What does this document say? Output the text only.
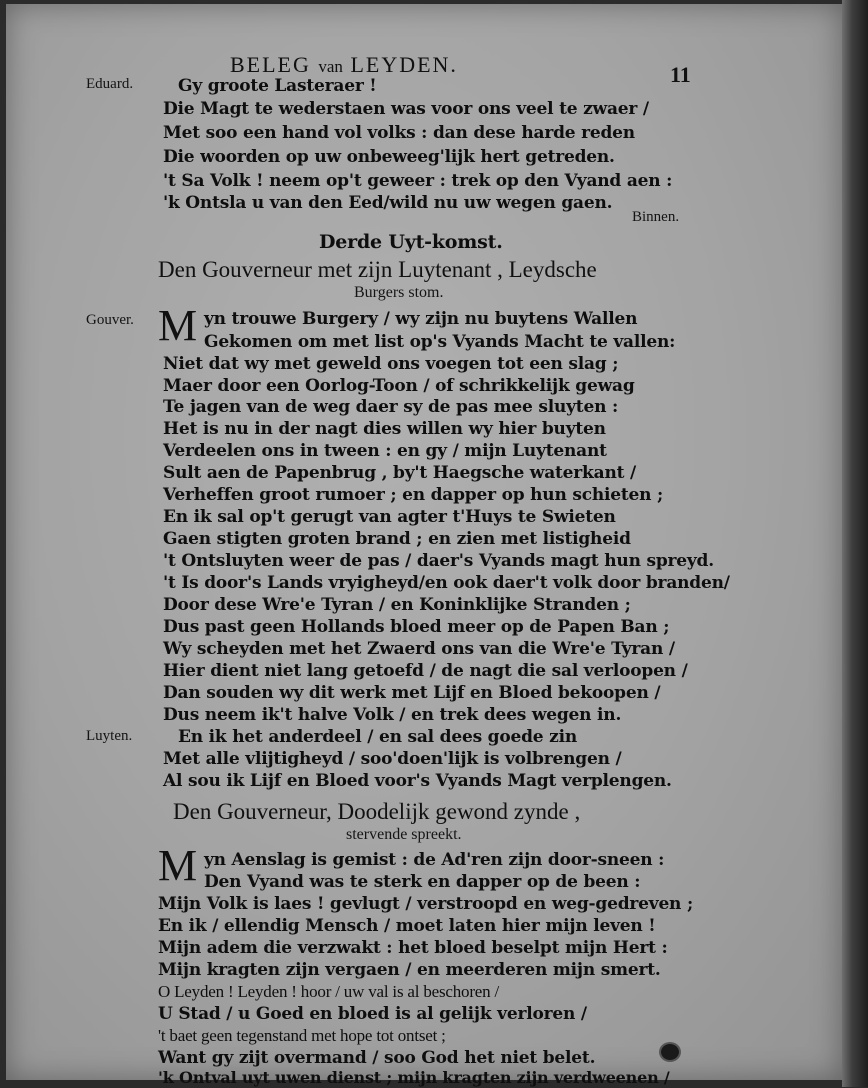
BELEG van LEYDEN.	11
Eduard.	Gy groote Lasteraer !
Die Magt te wederstaen was voor ons veel te zwaer /
Met soo een hand vol volks : dan dese harde reden
Die woorden op uw onbeweeg'lijk hert getreden.
't Sa Volk ! neem op't geweer : trek op den Vyand aen :
'k Ontsla u van den Eed/wild nu uw wegen gaen.
Binnen.
Derde Uyt-komst.
Den Gouverneur met zijn Luytenant , Leydsche
Burgers stom.
Gouver. M yn trouwe Burgery / wy zijn nu buytens Wallen
Gekomen om met list op's Vyands Macht te vallen:
Niet dat wy met geweld ons voegen tot een slag ;
Maer door een Oorlog-Toon / of schrikkelijk gewag
Te jagen van de weg daer sy de pas mee sluyten :
Het is nu in der nagt dies willen wy hier buyten
Verdeelen ons in tween : en gy / mijn Luytenant
Sult aen de Papenbrug , by't Haegsche waterkant /
Verheffen groot rumoer ; en dapper op hun schieten ;
En ik sal op't gerugt van agter t'Huys te Swieten
Gaen stigten groten brand ; en zien met listigheid
't Ontsluyten weer de pas / daer's Vyands magt hun spreyd.
't Is door's Lands vryigheyd/en ook daer't volk door branden/
Door dese Wre'e Tyran / en Koninklijke Stranden ;
Dus past geen Hollands bloed meer op de Papen Ban ;
Wy scheyden met het Zwaerd ons van die Wre'e Tyran /
Hier dient niet lang getoefd / de nagt die sal verloopen /
Dan souden wy dit werk met Lijf en Bloed bekoopen /
Dus neem ik't halve Volk / en trek dees wegen in.
Luyten.	En ik het anderdeel / en sal dees goede zin
Met alle vlijtigheyd / soo'doen'lijk is volbrengen /
Al sou ik Lijf en Bloed voor's Vyands Magt verplengen.
Den Gouverneur, Doodelijk gewond zynde ,
stervende spreekt.
M yn Aenslag is gemist : de Ad'ren zijn door-sneen :
Den Vyand was te sterk en dapper op de been :
Mijn Volk is laes ! gevlugt / verstroopd en weg-gedreven ;
En ik / ellendig Mensch / moet laten hier mijn leven !
Mijn adem die verzwakt : het bloed beselpt mijn Hert :
Mijn kragten zijn vergaen / en meerderen mijn smert.
O Leyden ! Leyden ! hoor / uw val is al beschoren /
U Stad / u Goed en bloed is al gelijk verloren /
't baet geen tegenstand met hope tot ontset ;
Want gy zijt overmand / soo God het niet belet.
'k Ontval uyt uwen dienst ; mijn kragten zijn verdweenen /
